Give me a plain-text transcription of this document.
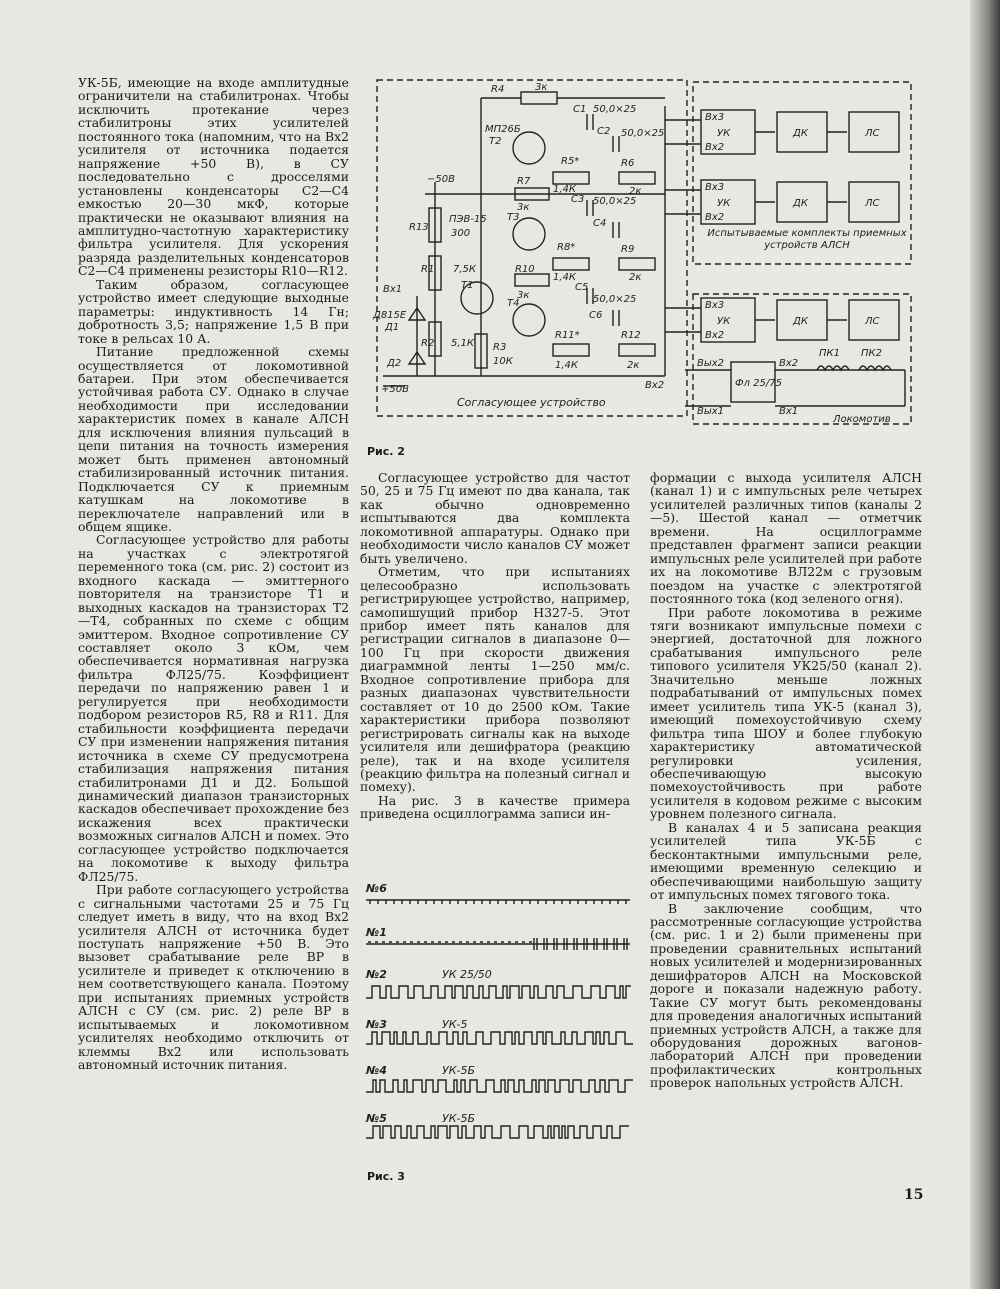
УК-5Б, имеющие на входе амплитудные ограничители на стабилитронах. Чтобы исключить протекание через стабилитроны этих усилителей постоянного тока (напомним, что на Вх2 усилителя от источника подается напряжение +50 В), в СУ последовательно с дросселями установлены конденсаторы С2—С4 емкостью 20—30 мкФ, которые практически не оказывают влияния на амплитудно-частотную характеристику фильтра усилителя. Для ускорения разряда разделительных конденсаторов С2—С4 применены резисторы R10—R12.

Таким образом, согласующее устройство имеет следующие выходные параметры: индуктивность 14 Гн; добротность 3,5; напряжение 1,5 В при токе в рельсах 10 А.

Питание предложенной схемы осуществляется от локомотивной батареи. При этом обеспечивается устойчивая работа СУ. Однако в случае необходимости при исследовании характеристик помех в канале АЛСН для исключения влияния пульсаций в цепи питания на точность измерения может быть применен автономный стабилизированный источник питания. Подключается СУ к приемным катушкам на локомотиве в переключателе направлений или в общем ящике.

Согласующее устройство для работы на участках с электротягой переменного тока (см. рис. 2) состоит из входного каскада — эмиттерного повторителя на транзисторе Т1 и выходных каскадов на транзисторах Т2—Т4, собранных по схеме с общим эмиттером. Входное сопротивление СУ составляет около 3 кОм, чем обеспечивается нормативная нагрузка фильтра ФЛ25/75. Коэффициент передачи по напряжению равен 1 и регулируется при необходимости подбором резисторов R5, R8 и R11. Для стабильности коэффициента передачи СУ при изменении напряжения питания источника в схеме СУ предусмотрена стабилизация напряжения питания стабилитронами Д1 и Д2. Большой динамический диапазон транзисторных каскадов обеспечивает прохождение без искажения всех практически возможных сигналов АЛСН и помех. Это согласующее устройство подключается на локомотиве к выходу фильтра ФЛ25/75.

При работе согласующего устройства с сигнальными частотами 25 и 75 Гц следует иметь в виду, что на вход Вх2 усилителя АЛСН от источника будет поступать напряжение +50 В. Это вызовет срабатывание реле ВР в усилителе и приведет к отключению в нем соответствующего канала. Поэтому при испытаниях приемных устройств АЛСН с СУ (см. рис. 2) реле ВР в испытываемых и локомотивном усилителях необходимо отключить от клеммы Вх2 или использовать автономный источник питания.

Согласующее устройство для частот 50, 25 и 75 Гц имеют по два канала, так как обычно одновременно испытываются два комплекта локомотивной аппаратуры. Однако при необходимости число каналов СУ может быть увеличено.

Отметим, что при испытаниях целесообразно использовать регистрирующее устройство, например, самопишущий прибор Н327-5. Этот прибор имеет пять каналов для регистрации сигналов в диапазоне 0—100 Гц при скорости движения диаграммной ленты 1—250 мм/с. Входное сопротивление прибора для разных диапазонах чувствительности составляет от 10 до 2500 кОм. Такие характеристики прибора позволяют регистрировать сигналы как на выходе усилителя или дешифратора (реакцию реле), так и на входе усилителя (реакцию фильтра на полезный сигнал и помеху).

На рис. 3 в качестве примера приведена осциллограмма записи ин-

формации с выхода усилителя АЛСН (канал 1) и с импульсных реле четырех усилителей различных типов (каналы 2—5). Шестой канал — отметчик времени. На осциллограмме представлен фрагмент записи реакции импульсных реле усилителей при работе их на локомотиве ВЛ22м с грузовым поездом на участке с электротягой постоянного тока (код зеленого огня).

При работе локомотива в режиме тяги возникают импульсные помехи с энергией, достаточной для ложного срабатывания импульсного реле типового усилителя УК25/50 (канал 2). Значительно меньше ложных подрабатываний от импульсных помех имеет усилитель типа УК-5 (канал 3), имеющий помехоустойчивую схему фильтра типа ШОУ и более глубокую характеристику автоматической регулировки усиления, обеспечивающую высокую помехоустойчивость при работе усилителя в кодовом режиме с высоким уровнем полезного сигнала.

В каналах 4 и 5 записана реакция усилителей типа УК-5Б с бесконтактными импульсными реле, имеющими временную селекцию и обеспечивающими наибольшую защиту от импульсных помех тягового тока.

В заключение сообщим, что рассмотренные согласующие устройства (см. рис. 1 и 2) были применены при проведении сравнительных испытаний новых усилителей и модернизированных дешифраторов АЛСН на Московской дороге и показали надежную работу. Такие СУ могут быть рекомендованы для проведения аналогичных испытаний приемных устройств АЛСН, а также для оборудования дорожных вагонов-лабораторий АЛСН при проведении профилактических контрольных проверок напольных устройств АЛСН.

R4	3к
С1 50,0×25
С2 50,0×25
МП26Б
Т2
R5*	R6
2к
R7
3к
1,4К
−50В
R13
ПЭВ-15
300
С3 50,0×25
С4
Т3
R8*	R9
2к
R1 7,5К
Т1
R10
3к
1,4К
Вх1
Д815Е
Т4
С5
50,0×25
С6
Д1
R2 5,1К R3
10К
R11*	R12
Д2	1,4К	2к
+50В	Вх2
Согласующее устройство
Вх3
УК
Вх2
ДК	ЛС
Вх3
УК
Вх2
ДК	ЛС
Испытываемые комплекты приемных устройств АЛСН
Вх3
УК
Вх2
ДК	ЛС
Вых2
Вых1
Фл 25/75
Вх2
Вх1
ПК1 ПК2
Локомотив
Рис. 2
№6
№1
№2	УК 25/50
№3	УК-5
№4	УК-5Б
№5	УК-5Б
Рис. 3
15
